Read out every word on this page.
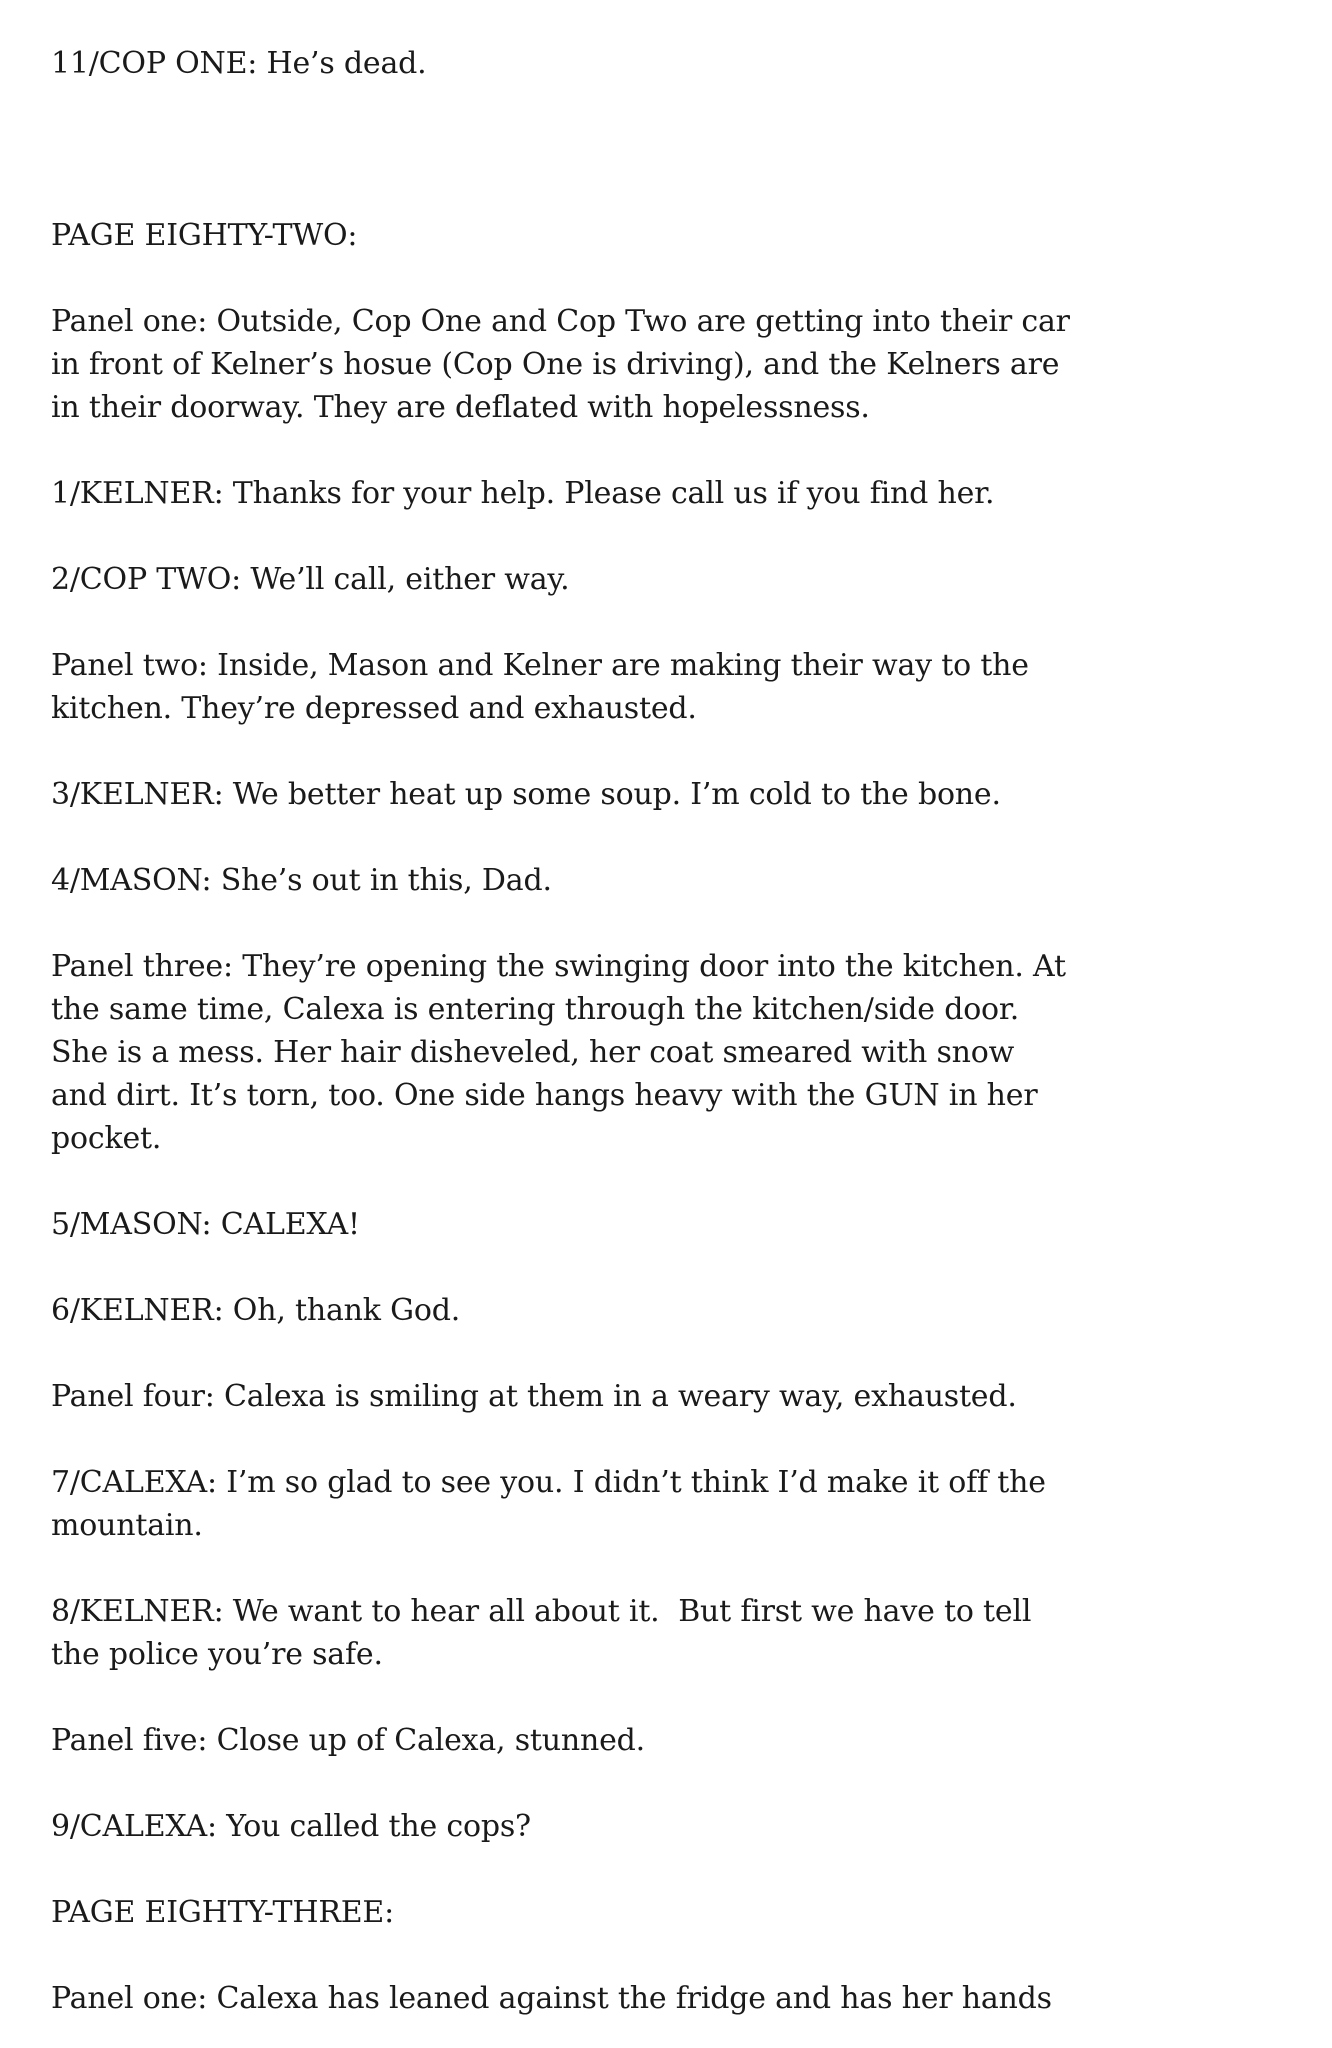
11/COP ONE: He’s dead.

PAGE EIGHTY-TWO:

Panel one: Outside, Cop One and Cop Two are getting into their car
in front of Kelner’s hosue (Cop One is driving), and the Kelners are
in their doorway. They are deflated with hopelessness.

1/KELNER: Thanks for your help. Please call us if you find her.

2/COP TWO: We’ll call, either way.

Panel two: Inside, Mason and Kelner are making their way to the
kitchen. They’re depressed and exhausted.

3/KELNER: We better heat up some soup. I’m cold to the bone.

4/MASON: She’s out in this, Dad.

Panel three: They’re opening the swinging door into the kitchen. At
the same time, Calexa is entering through the kitchen/side door.
She is a mess. Her hair disheveled, her coat smeared with snow
and dirt. It’s torn, too. One side hangs heavy with the GUN in her
pocket.

5/MASON: CALEXA!

6/KELNER: Oh, thank God.

Panel four: Calexa is smiling at them in a weary way, exhausted.

7/CALEXA: I’m so glad to see you. I didn’t think I’d make it off the
mountain.

8/KELNER: We want to hear all about it.  But first we have to tell
the police you’re safe.

Panel five: Close up of Calexa, stunned.

9/CALEXA: You called the cops?

PAGE EIGHTY-THREE:

Panel one: Calexa has leaned against the fridge and has her hands
